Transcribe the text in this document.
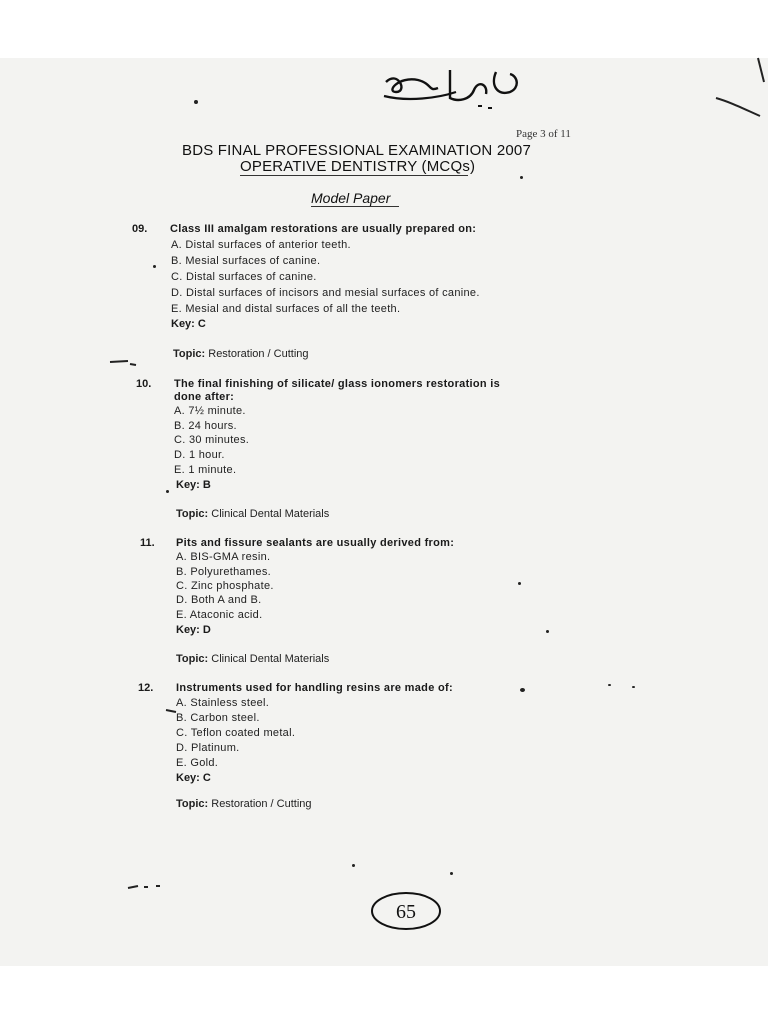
Page 3 of 11
BDS FINAL PROFESSIONAL EXAMINATION 2007
OPERATIVE DENTISTRY (MCQs)
Model Paper
09. Class III amalgam restorations are usually prepared on:
A. Distal surfaces of anterior teeth.
B. Mesial surfaces of canine.
C. Distal surfaces of canine.
D. Distal surfaces of incisors and mesial surfaces of canine.
E. Mesial and distal surfaces of all the teeth.
Key: C
Topic: Restoration / Cutting
10. The final finishing of silicate/ glass ionomers restoration is
done after:
A. 7½ minute.
B. 24 hours.
C. 30 minutes.
D. 1 hour.
E. 1 minute.
Key: B
Topic: Clinical Dental Materials
11. Pits and fissure sealants are usually derived from:
A. BIS-GMA resin.
B. Polyurethames.
C. Zinc phosphate.
D. Both A and B.
E. Ataconic acid.
Key: D
Topic: Clinical Dental Materials
12. Instruments used for handling resins are made of:
A. Stainless steel.
B. Carbon steel.
C. Teflon coated metal.
D. Platinum.
E. Gold.
Key: C
Topic: Restoration / Cutting
65
